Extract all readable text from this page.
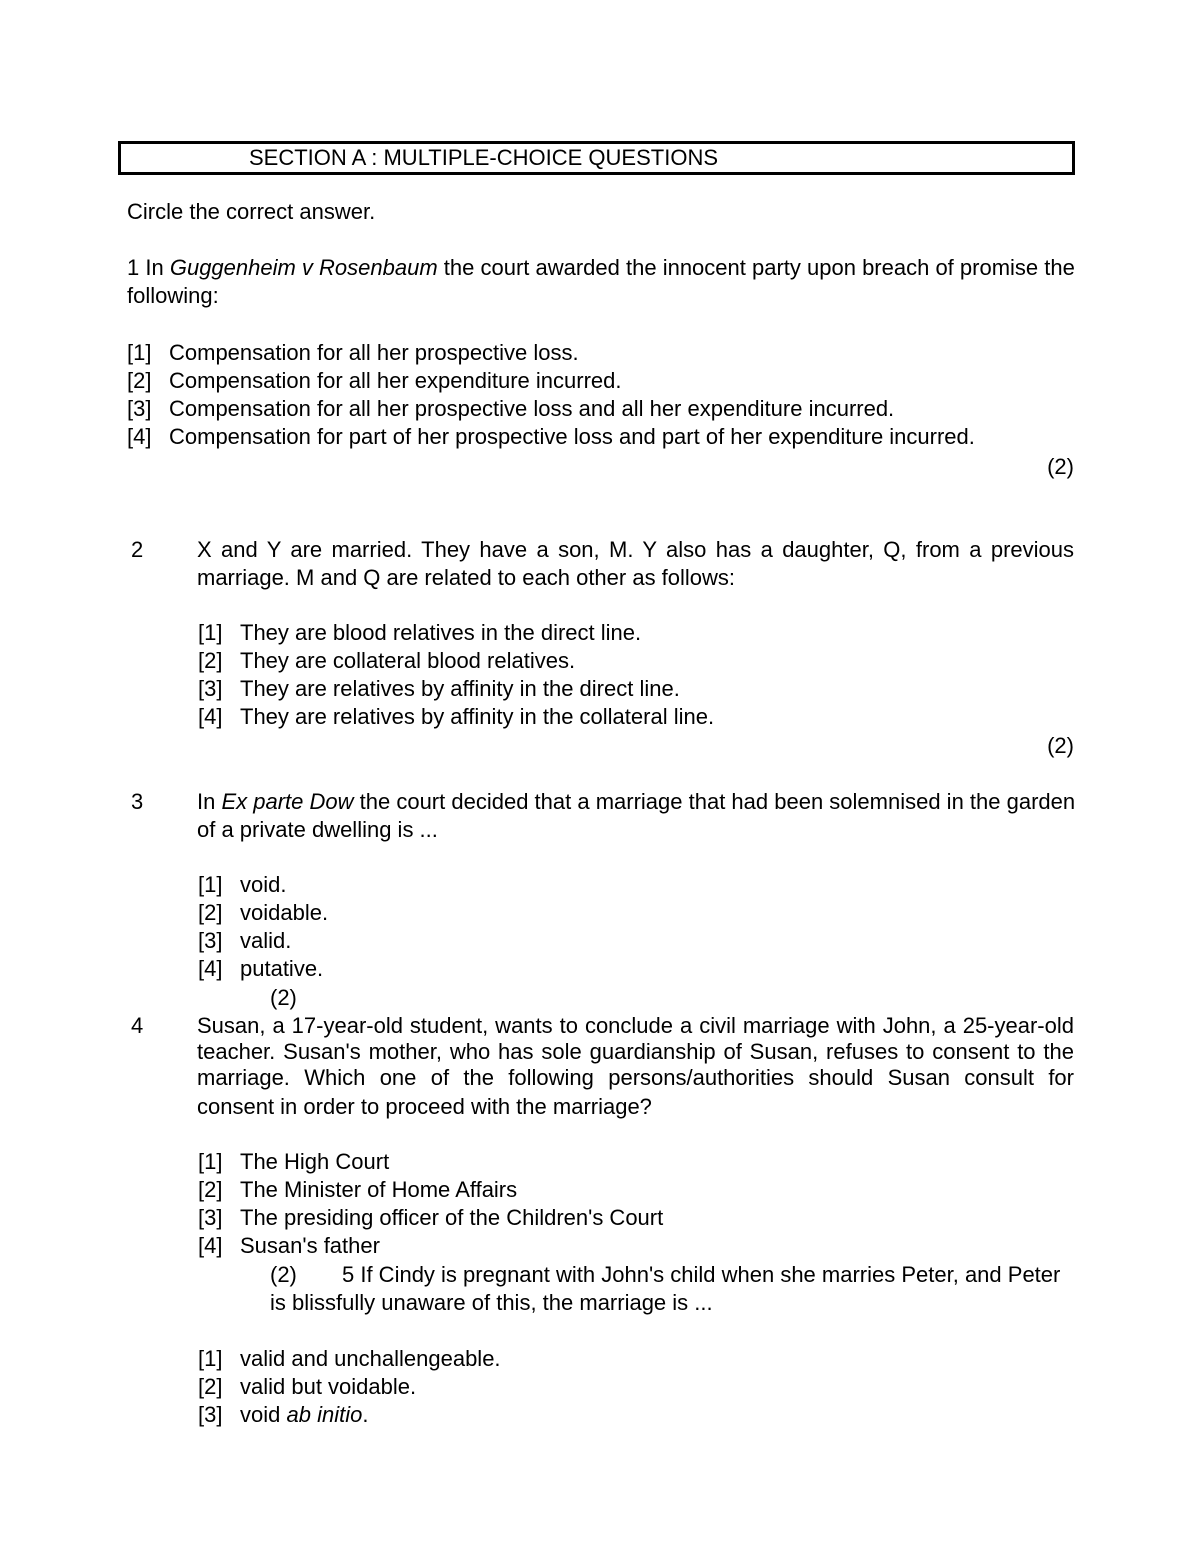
SECTION A : MULTIPLE-CHOICE QUESTIONS
Circle the correct answer.
1 In Guggenheim v Rosenbaum the court awarded the innocent party upon breach of promise the
following:
[1] Compensation for all her prospective loss.
[2] Compensation for all her expenditure incurred.
[3] Compensation for all her prospective loss and all her expenditure incurred.
[4] Compensation for part of her prospective loss and part of her expenditure incurred.
(2)
2 X and Y are married. They have a son, M. Y also has a daughter, Q, from a previous
marriage. M and Q are related to each other as follows:
[1] They are blood relatives in the direct line.
[2] They are collateral blood relatives.
[3] They are relatives by affinity in the direct line.
[4] They are relatives by affinity in the collateral line.
(2)
3 In Ex parte Dow the court decided that a marriage that had been solemnised in the garden
of a private dwelling is ...
[1] void.
[2] voidable.
[3] valid.
[4] putative.
(2)
4 Susan, a 17-year-old student, wants to conclude a civil marriage with John, a 25-year-old
teacher. Susan's mother, who has sole guardianship of Susan, refuses to consent to the
marriage. Which one of the following persons/authorities should Susan consult for
consent in order to proceed with the marriage?
[1] The High Court
[2] The Minister of Home Affairs
[3] The presiding officer of the Children's Court
[4] Susan's father
(2) 5 If Cindy is pregnant with John's child when she marries Peter, and Peter
is blissfully unaware of this, the marriage is ...
[1] valid and unchallengeable.
[2] valid but voidable.
[3] void ab initio.
